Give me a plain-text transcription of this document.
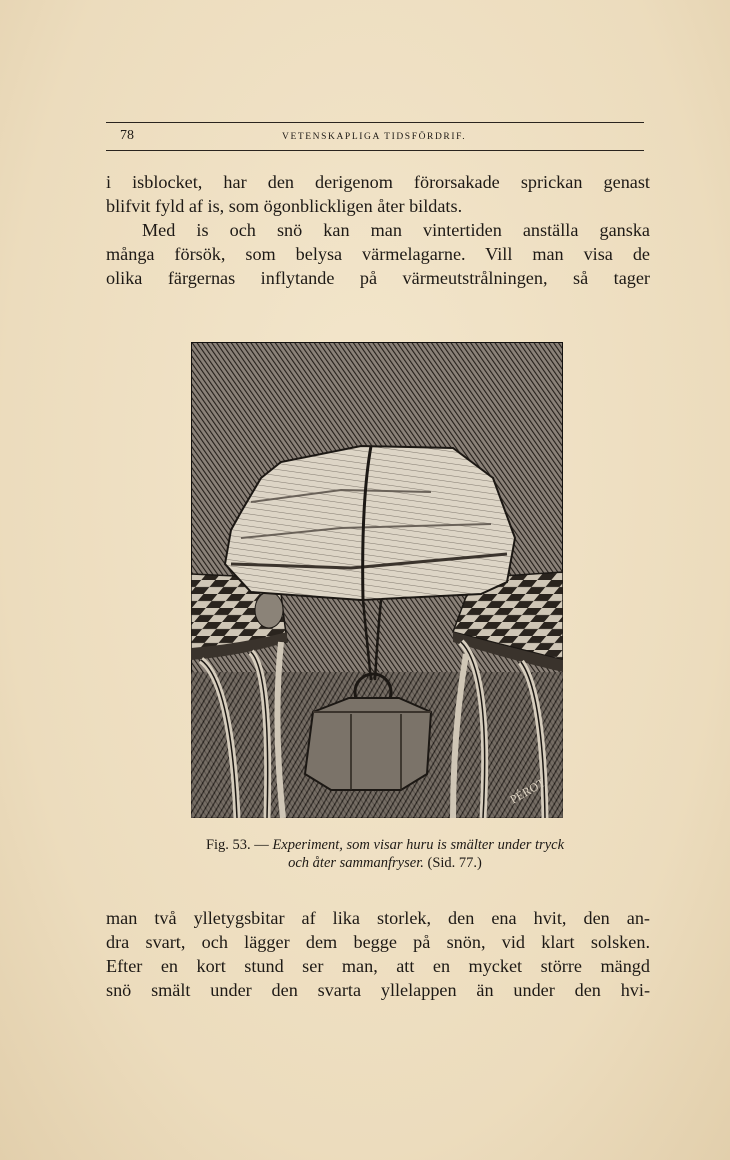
78	VETENSKAPLIGA TIDSFÖRDRIF.
i isblocket, har den derigenom förorsakade sprickan genast
blifvit fyld af is, som ögonblickligen åter bildats.
Med is och snö kan man vintertiden anställa ganska
många försök, som belysa värmelagarne. Vill man visa de
olika färgernas inflytande på värmeutstrålningen, så tager
PÉROT
Fig. 53. — Experiment, som visar huru is smälter under tryck
och åter sammanfryser. (Sid. 77.)
man två ylletygsbitar af lika storlek, den ena hvit, den an-
dra svart, och lägger dem begge på snön, vid klart solsken.
Efter en kort stund ser man, att en mycket större mängd
snö smält under den svarta yllelappen än under den hvi-
